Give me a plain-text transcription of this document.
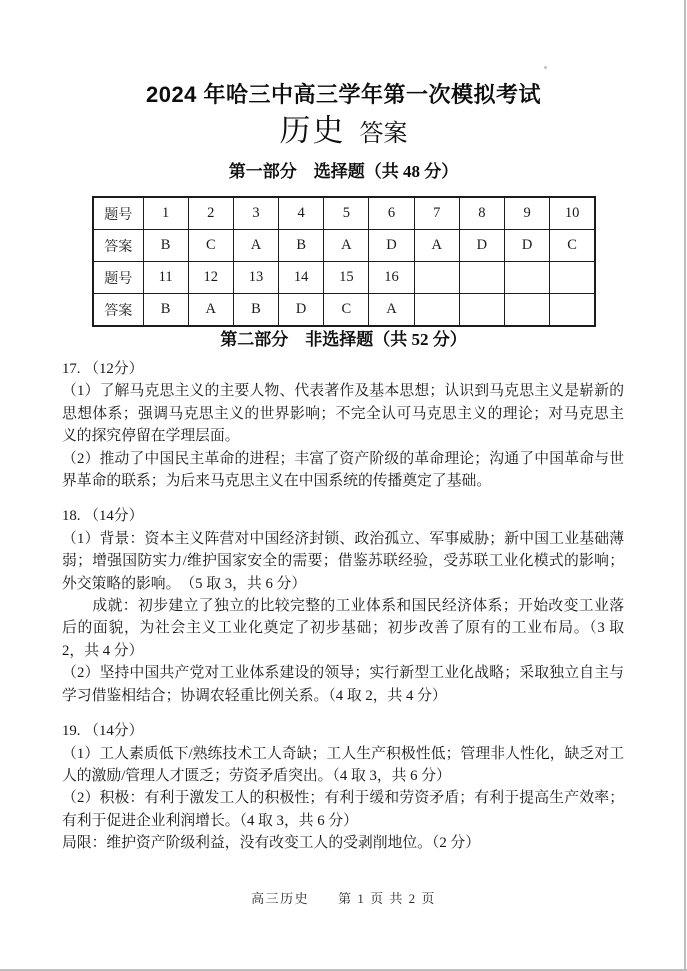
2024 年哈三中高三学年第一次模拟考试
历史 答案
第一部分　选择题（共 48 分）
题号	1	2	3	4	5	6	7	8	9	10
答案	B	C	A	B	A	D	A	D	D	C
题号	11	12	13	14	15	16				
答案	B	A	B	D	C	A				
第二部分　非选择题（共 52 分）
17. （12分）

（1）了解马克思主义的主要人物、代表著作及基本思想；认识到马克思主义是崭新的思想体系；强调马克思主义的世界影响；不完全认可马克思主义的理论；对马克思主义的探究停留在学理层面。

（2）推动了中国民主革命的进程；丰富了资产阶级的革命理论；沟通了中国革命与世界革命的联系；为后来马克思主义在中国系统的传播奠定了基础。

18. （14分）

（1）背景：资本主义阵营对中国经济封锁、政治孤立、军事威胁；新中国工业基础薄弱；增强国防实力/维护国家安全的需要；借鉴苏联经验，受苏联工业化模式的影响；外交策略的影响。　（5 取 3，共 6 分）

　　成就：初步建立了独立的比较完整的工业体系和国民经济体系；开始改变工业落后的面貌，为社会主义工业化奠定了初步基础；初步改善了原有的工业布局。（3 取 2，共 4 分）

（2）坚持中国共产党对工业体系建设的领导；实行新型工业化战略；采取独立自主与学习借鉴相结合；协调农轻重比例关系。（4 取 2，共 4 分）

19. （14分）

（1）工人素质低下/熟练技术工人奇缺；工人生产积极性低；管理非人性化，缺乏对工人的激励/管理人才匮乏；劳资矛盾突出。（4 取 3，共 6 分）

（2）积极：有利于激发工人的积极性；有利于缓和劳资矛盾；有利于提高生产效率；有利于促进企业利润增长。（4 取 3，共 6 分）

局限：维护资产阶级利益，没有改变工人的受剥削地位。（2 分）

高三历史　　第 1 页 共 2 页
